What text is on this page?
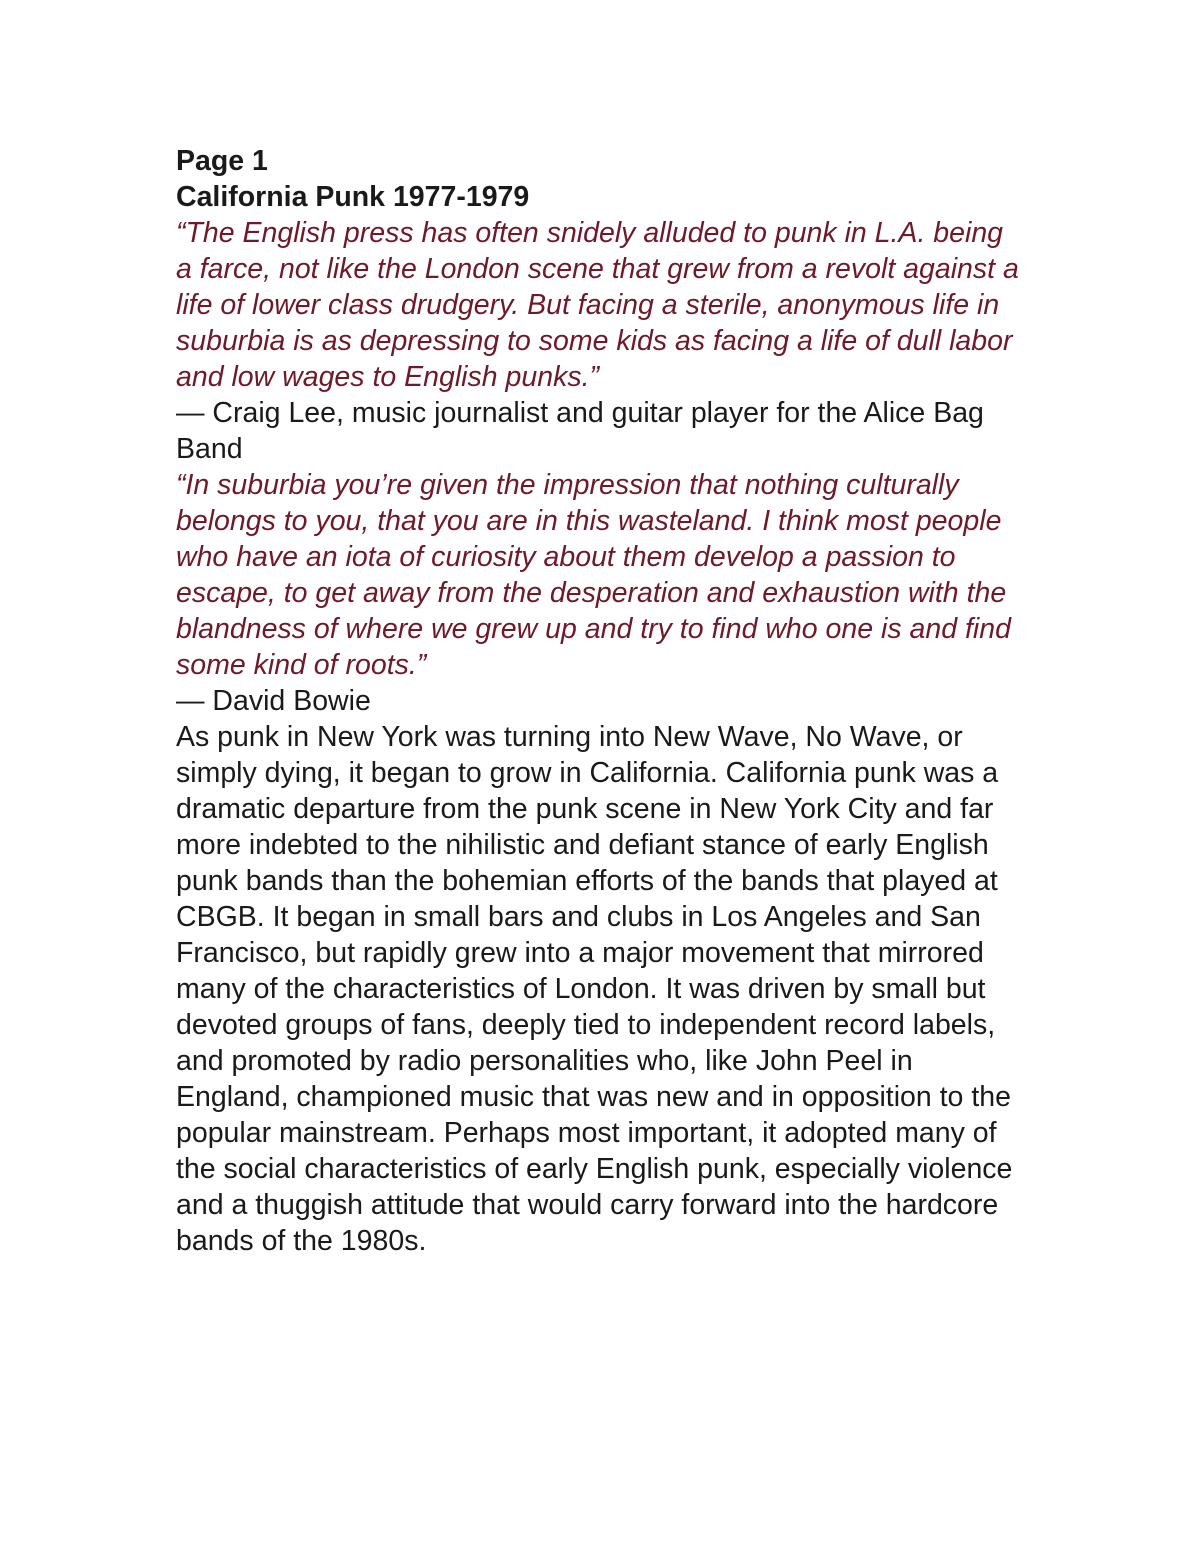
Page 1

California Punk 1977-1979

“The English press has often snidely alluded to punk in L.A. being a farce, not like the London scene that grew from a revolt against a life of lower class drudgery. But facing a sterile, anonymous life in suburbia is as depressing to some kids as facing a life of dull labor and low wages to English punks.”

— Craig Lee, music journalist and guitar player for the Alice Bag Band

“In suburbia you’re given the impression that nothing culturally belongs to you, that you are in this wasteland. I think most people who have an iota of curiosity about them develop a passion to escape, to get away from the desperation and exhaustion with the blandness of where we grew up and try to find who one is and find some kind of roots.”

— David Bowie

As punk in New York was turning into New Wave, No Wave, or simply dying, it began to grow in California. California punk was a dramatic departure from the punk scene in New York City and far more indebted to the nihilistic and defiant stance of early English punk bands than the bohemian efforts of the bands that played at CBGB. It began in small bars and clubs in Los Angeles and San Francisco, but rapidly grew into a major movement that mirrored many of the characteristics of London. It was driven by small but devoted groups of fans, deeply tied to independent record labels, and promoted by radio personalities who, like John Peel in England, championed music that was new and in opposition to the popular mainstream. Perhaps most important, it adopted many of the social characteristics of early English punk, especially violence and a thuggish attitude that would carry forward into the hardcore bands of the 1980s.
